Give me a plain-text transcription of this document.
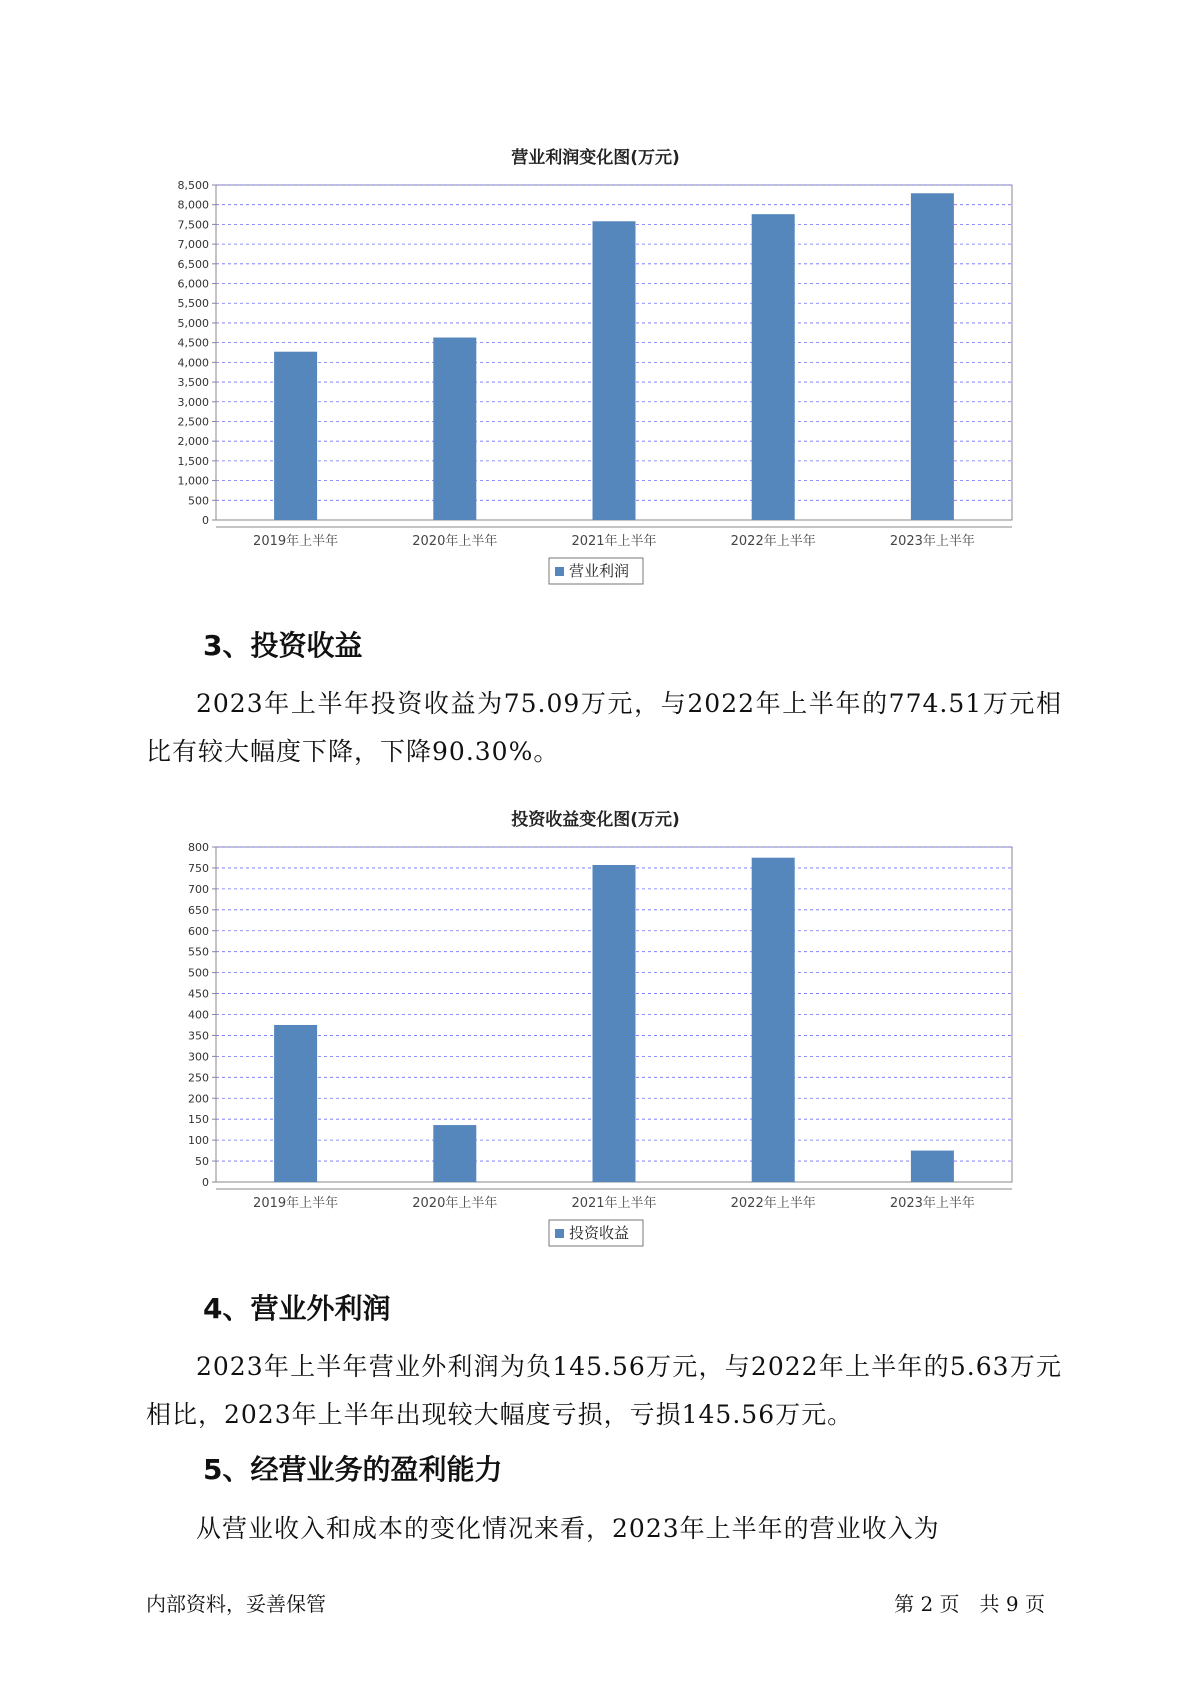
营业利润变化图(万元)
0
500
1,000
1,500
2,000
2,500
3,000
3,500
4,000
4,500
5,000
5,500
6,000
6,500
7,000
7,500
8,000
8,500
2019年上半年	2020年上半年	2021年上半年	2022年上半年	2023年上半年
营业利润
3、投资收益
2023年上半年投资收益为75.09万元，与2022年上半年的774.51万元相比有较大幅度下降，下降90.30%。
投资收益变化图(万元)
0
50
100
150
200
250
300
350
400
450
500
550
600
650
700
750
800
2019年上半年	2020年上半年	2021年上半年	2022年上半年	2023年上半年
投资收益
4、营业外利润
2023年上半年营业外利润为负145.56万元，与2022年上半年的5.63万元相比，2023年上半年出现较大幅度亏损，亏损145.56万元。
5、经营业务的盈利能力
从营业收入和成本的变化情况来看，2023年上半年的营业收入为
内部资料，妥善保管	第 2 页　共 9 页
